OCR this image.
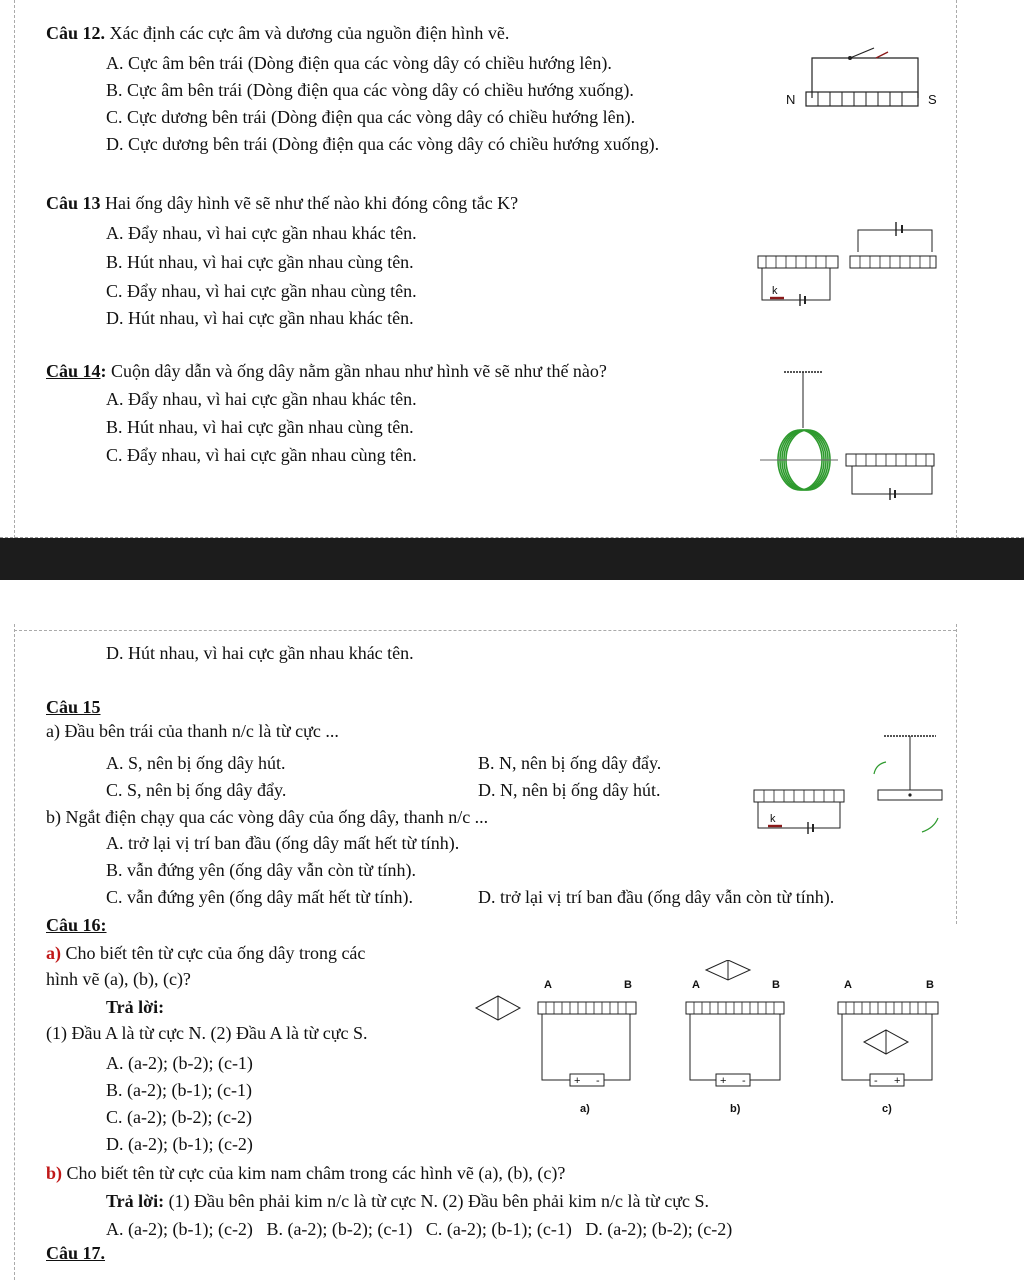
Câu 12. Xác định các cực âm và dương của nguồn điện hình vẽ.
A. Cực âm bên trái (Dòng điện qua các vòng dây có chiều hướng lên).
B. Cực âm bên trái (Dòng điện qua các vòng dây có chiều hướng xuống).
C. Cực dương bên trái (Dòng điện qua các vòng dây có chiều hướng lên).
D. Cực dương bên trái (Dòng điện qua các vòng dây có chiều hướng xuống).
N	S
Câu 13 Hai ống dây hình vẽ sẽ như thế nào khi đóng công tắc K?
A. Đẩy nhau, vì hai cực gần nhau khác tên.
B. Hút nhau, vì hai cực gần nhau cùng tên.
C. Đẩy nhau, vì hai cực gần nhau cùng tên.
D. Hút nhau, vì hai cực gần nhau khác tên.
k
Câu 14: Cuộn dây dẫn và ống dây nằm gần nhau như hình vẽ sẽ như thế nào?
A. Đẩy nhau, vì hai cực gần nhau khác tên.
B. Hút nhau, vì hai cực gần nhau cùng tên.
C. Đẩy nhau, vì hai cực gần nhau cùng tên.
D. Hút nhau, vì hai cực gần nhau khác tên.
Câu 15
a) Đầu bên trái của thanh n/c là từ cực ...
A. S, nên bị ống dây hút.	B. N, nên bị ống dây đẩy.
C. S, nên bị ống dây đẩy.	D. N, nên bị ống dây hút.
b) Ngắt điện chạy qua các vòng dây của ống dây, thanh n/c ...
A. trở lại vị trí ban đầu (ống dây mất hết từ tính).
B. vẫn đứng yên (ống dây vẫn còn từ tính).
C. vẫn đứng yên (ống dây mất hết từ tính).	D. trở lại vị trí ban đầu (ống dây vẫn còn từ tính).
k
Câu 16:
a) Cho biết tên từ cực của ống dây trong các
hình vẽ (a), (b), (c)?
Trả lời:
(1) Đầu A là từ cực N. (2) Đầu A là từ cực S.
A. (a-2); (b-2); (c-1)
B. (a-2); (b-1); (c-1)
C. (a-2); (b-2); (c-2)
D. (a-2); (b-1); (c-2)
A	B
+ -
a)
A	B
+ -
b)
A	B
- +
c)
b) Cho biết tên từ cực của kim nam châm trong các hình vẽ (a), (b), (c)?
Trả lời: (1) Đầu bên phải kim n/c là từ cực N. (2) Đầu bên phải kim n/c là từ cực S.
A. (a-2); (b-1); (c-2) B. (a-2); (b-2); (c-1) C. (a-2); (b-1); (c-1) D. (a-2); (b-2); (c-2)
Câu 17.
